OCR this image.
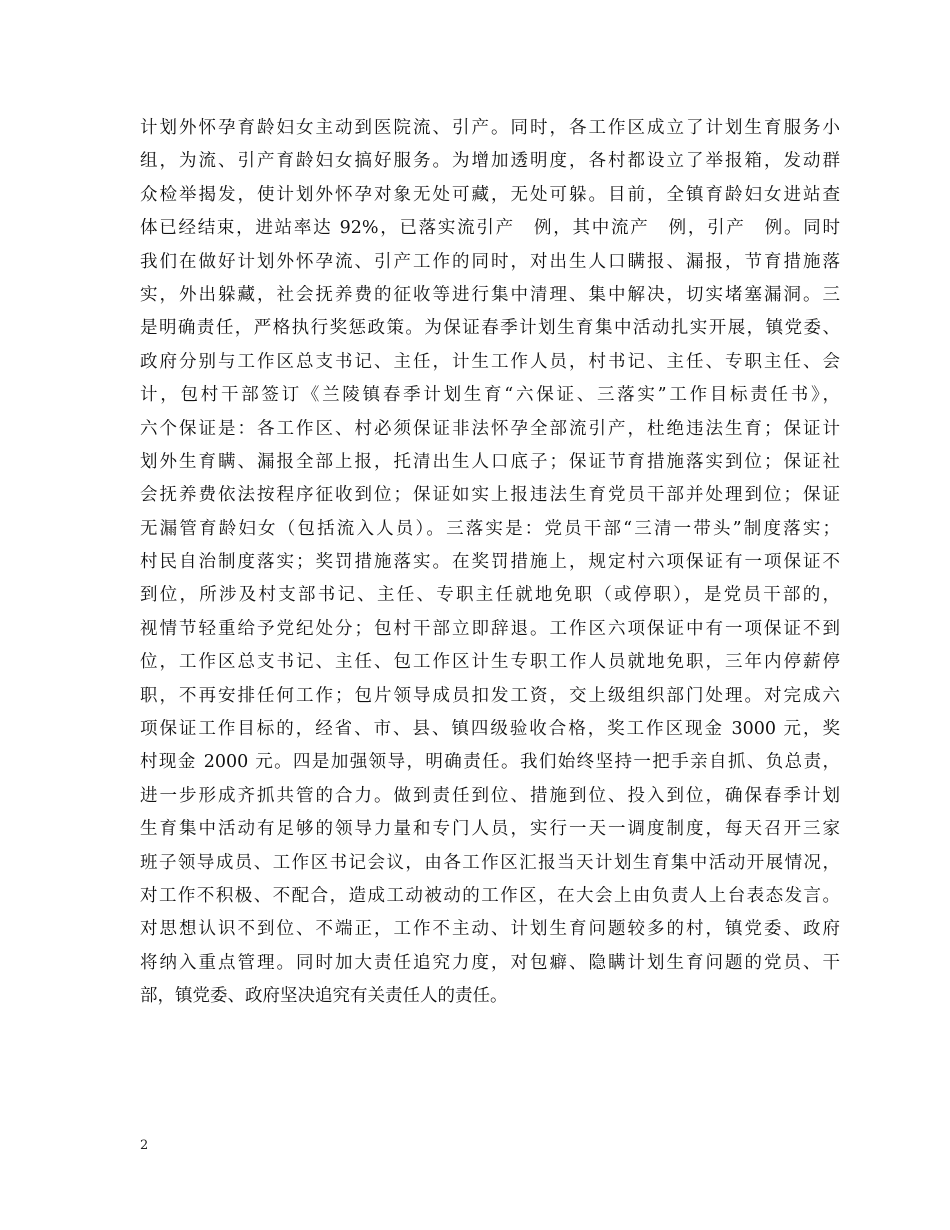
计划外怀孕育龄妇女主动到医院流、引产。同时，各工作区成立了计划生育服务小
组，为流、引产育龄妇女搞好服务。为增加透明度，各村都设立了举报箱，发动群
众检举揭发，使计划外怀孕对象无处可藏，无处可躲。目前，全镇育龄妇女进站查
体已经结束，进站率达 92%，已落实流引产　例，其中流产　例，引产　例。同时
我们在做好计划外怀孕流、引产工作的同时，对出生人口瞒报、漏报，节育措施落
实，外出躲藏，社会抚养费的征收等进行集中清理、集中解决，切实堵塞漏洞。三
是明确责任，严格执行奖惩政策。为保证春季计划生育集中活动扎实开展，镇党委、
政府分别与工作区总支书记、主任，计生工作人员，村书记、主任、专职主任、会
计，包村干部签订《兰陵镇春季计划生育“六保证、三落实”工作目标责任书》，
六个保证是：各工作区、村必须保证非法怀孕全部流引产，杜绝违法生育；保证计
划外生育瞒、漏报全部上报，托清出生人口底子；保证节育措施落实到位；保证社
会抚养费依法按程序征收到位；保证如实上报违法生育党员干部并处理到位；保证
无漏管育龄妇女（包括流入人员）。三落实是：党员干部“三清一带头”制度落实；
村民自治制度落实；奖罚措施落实。在奖罚措施上，规定村六项保证有一项保证不
到位，所涉及村支部书记、主任、专职主任就地免职（或停职），是党员干部的，
视情节轻重给予党纪处分；包村干部立即辞退。工作区六项保证中有一项保证不到
位，工作区总支书记、主任、包工作区计生专职工作人员就地免职，三年内停薪停
职，不再安排任何工作；包片领导成员扣发工资，交上级组织部门处理。对完成六
项保证工作目标的，经省、市、县、镇四级验收合格，奖工作区现金 3000 元，奖
村现金 2000 元。四是加强领导，明确责任。我们始终坚持一把手亲自抓、负总责，
进一步形成齐抓共管的合力。做到责任到位、措施到位、投入到位，确保春季计划
生育集中活动有足够的领导力量和专门人员，实行一天一调度制度，每天召开三家
班子领导成员、工作区书记会议，由各工作区汇报当天计划生育集中活动开展情况，
对工作不积极、不配合，造成工动被动的工作区，在大会上由负责人上台表态发言。
对思想认识不到位、不端正，工作不主动、计划生育问题较多的村，镇党委、政府
将纳入重点管理。同时加大责任追究力度，对包癖、隐瞒计划生育问题的党员、干
部，镇党委、政府坚决追究有关责任人的责任。
2
